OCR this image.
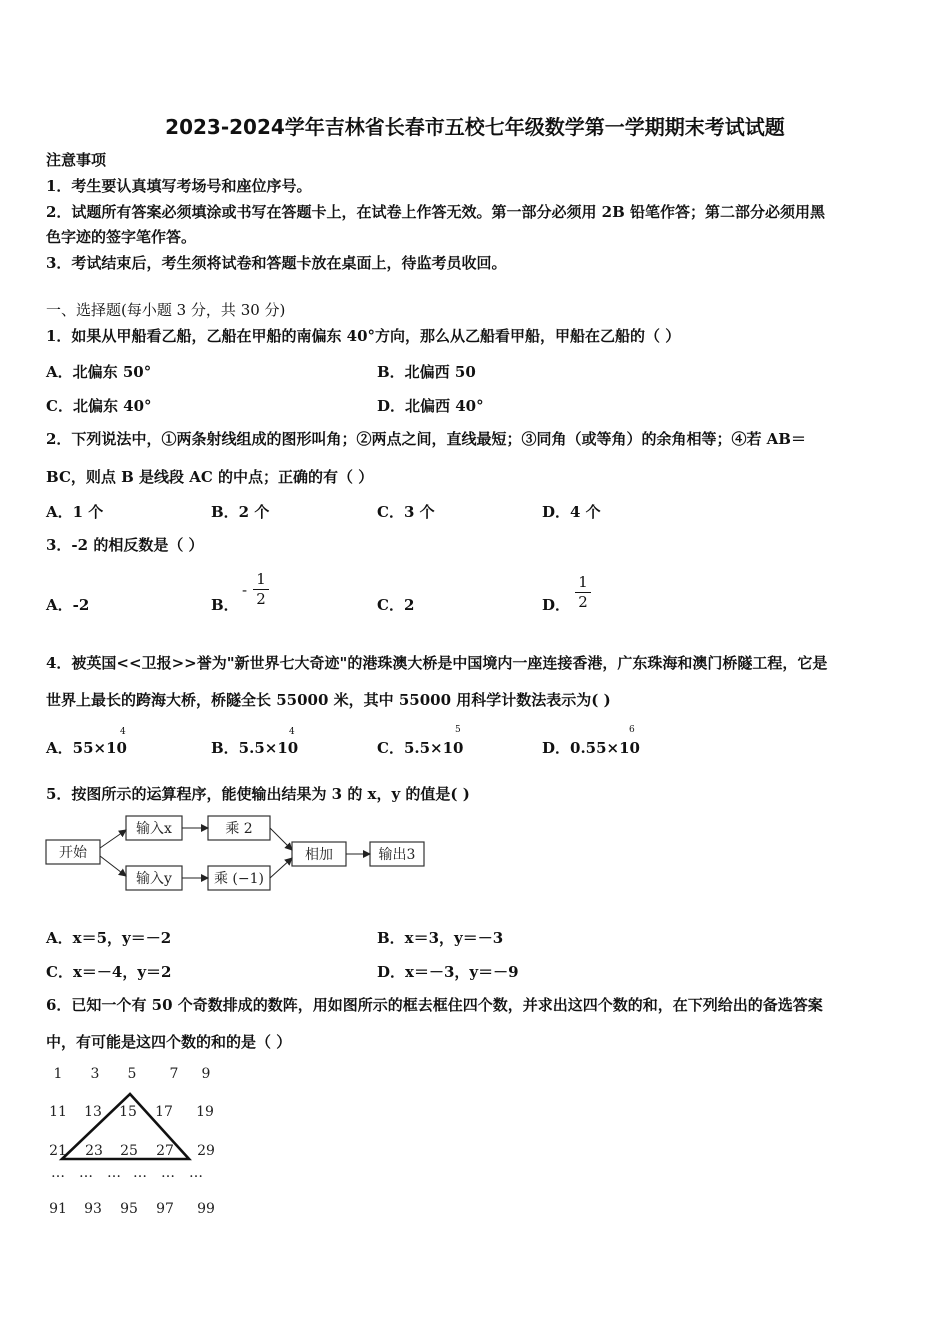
2023-2024学年吉林省长春市五校七年级数学第一学期期末考试试题
注意事项
1．考生要认真填写考场号和座位序号。
2．试题所有答案必须填涂或书写在答题卡上，在试卷上作答无效。第一部分必须用 2B 铅笔作答；第二部分必须用黑
色字迹的签字笔作答。
3．考试结束后，考生须将试卷和答题卡放在桌面上，待监考员收回。
一、选择题(每小题 3 分，共 30 分)
1．如果从甲船看乙船，乙船在甲船的南偏东 40°方向，那么从乙船看甲船，甲船在乙船的（ ）
A．北偏东 50°	B．北偏西 50
C．北偏东 40°	D．北偏西 40°
2．下列说法中，①两条射线组成的图形叫角；②两点之间，直线最短；③同角（或等角）的余角相等；④若 AB＝
BC，则点 B 是线段 AC 的中点；正确的有（ ）
A．1 个	B．2 个	C．3 个	D．4 个
3．-2 的相反数是（ ）
A．-2	B．
-
1
2	C．2	D．
1
2
4．被英国<<卫报>>誉为"新世界七大奇迹"的港珠澳大桥是中国境内一座连接香港，广东珠海和澳门桥隧工程，它是
世界上最长的跨海大桥，桥隧全长 55000 米，其中 55000 用科学计数法表示为( )
A．55×10
4
B．5.5×10
4
C．5.5×10
5
D．0.55×10
6
5．按图所示的运算程序，能使输出结果为 3 的 x，y 的值是( )
开始
输入x
输入y
乘 2
乘 (−1)
相加	输出3
A．x＝5，y＝－2	B．x＝3，y＝－3
C．x＝－4，y＝2	D．x＝－3，y＝－9
6．已知一个有 50 个奇数排成的数阵，用如图所示的框去框住四个数，并求出这四个数的和，在下列给出的备选答案
中，有可能是这四个数的和的是（ ）
1 3 5 7 9
11 13 15 17 19
21 23 25 27 29
… … … … … …
91 93 95 97 99
